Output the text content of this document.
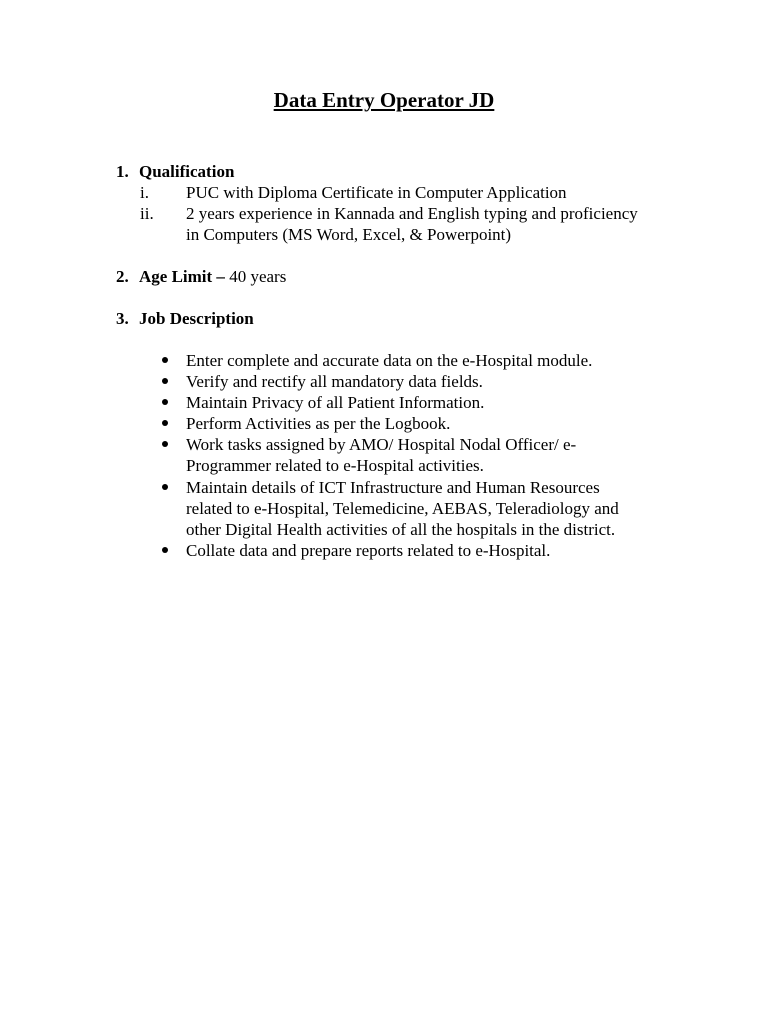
Data Entry Operator JD
1. Qualification
i. PUC with Diploma Certificate in Computer Application
ii. 2 years experience in Kannada and English typing and proficiency
in Computers (MS Word, Excel, & Powerpoint)
2. Age Limit – 40 years
3. Job Description
Enter complete and accurate data on the e-Hospital module.
Verify and rectify all mandatory data fields.
Maintain Privacy of all Patient Information.
Perform Activities as per the Logbook.
Work tasks assigned by AMO/ Hospital Nodal Officer/ e-
Programmer related to e-Hospital activities.
Maintain details of ICT Infrastructure and Human Resources
related to e-Hospital, Telemedicine, AEBAS, Teleradiology and
other Digital Health activities of all the hospitals in the district.
Collate data and prepare reports related to e-Hospital.
